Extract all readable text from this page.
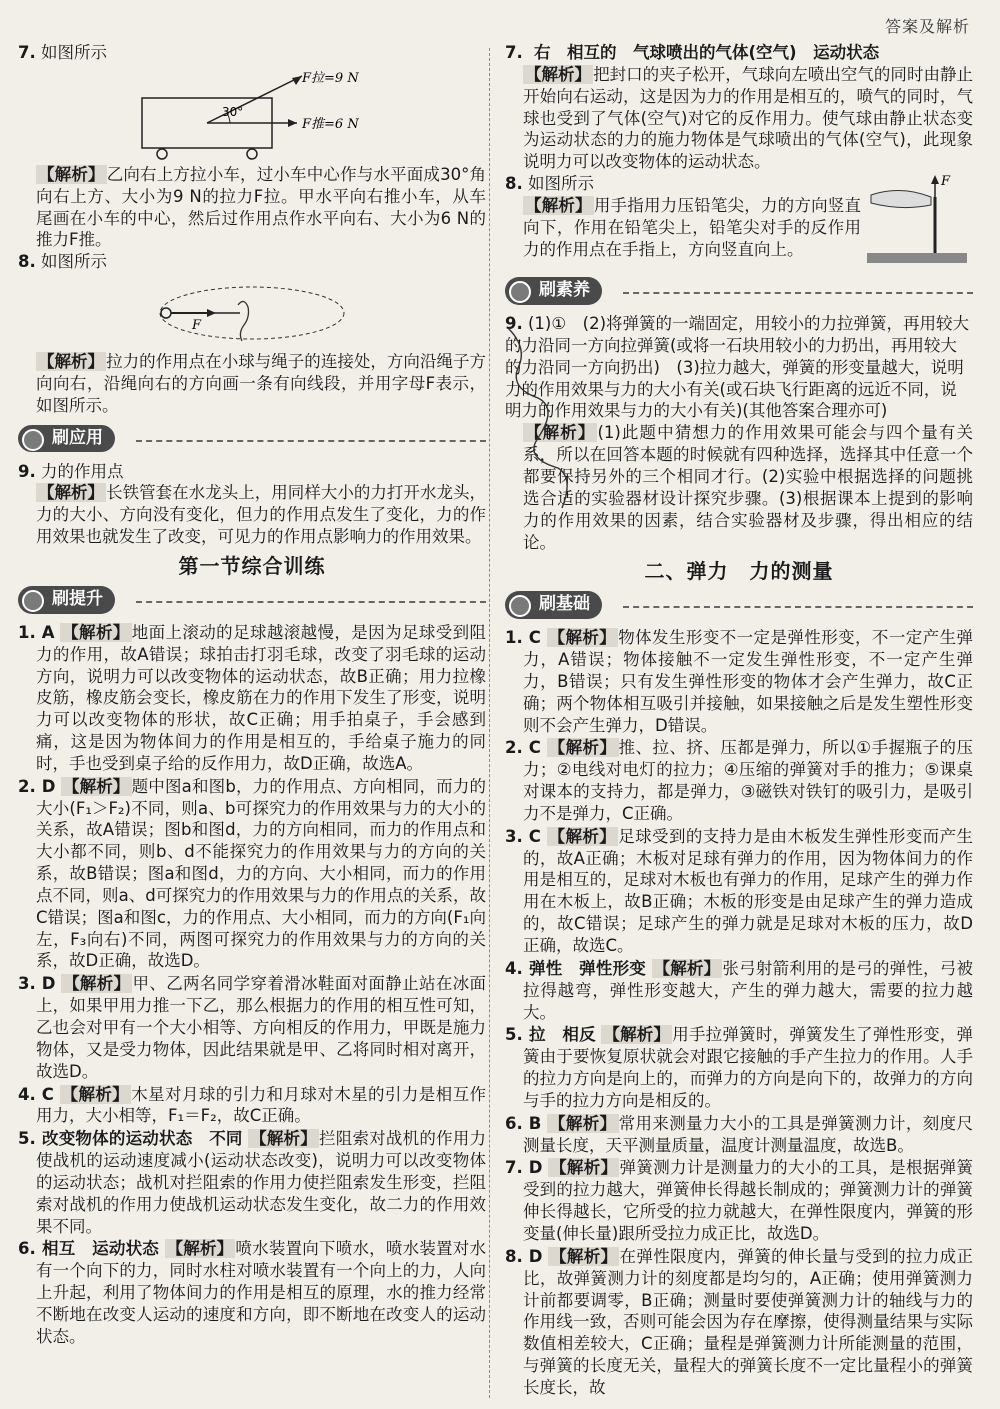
答案及解析
7. 如图所示
30°
F拉=9 N
F推=6 N
【解析】 乙向右上方拉小车，过小车中心作与水平面成30°角向右上方、大小为9 N的拉力F拉。甲水平向右推小车，从车尾画在小车的中心，然后过作用点作水平向右、大小为6 N的推力F推。
8. 如图所示
F
【解析】 拉力的作用点在小球与绳子的连接处，方向沿绳子方向向右，沿绳向右的方向画一条有向线段，并用字母F表示，如图所示。
刷应用
9. 力的作用点
【解析】 长铁管套在水龙头上，用同样大小的力打开水龙头，力的大小、方向没有变化，但力的作用点发生了变化，力的作用效果也就发生了改变，可见力的作用点影响力的作用效果。
第一节综合训练
刷提升
1. A 【解析】 地面上滚动的足球越滚越慢，是因为足球受到阻力的作用，故A错误；球拍击打羽毛球，改变了羽毛球的运动方向，说明力可以改变物体的运动状态，故B正确；用力拉橡皮筋，橡皮筋会变长，橡皮筋在力的作用下发生了形变，说明力可以改变物体的形状，故C正确；用手拍桌子，手会感到痛，这是因为物体间力的作用是相互的，手给桌子施力的同时，手也受到桌子给的反作用力，故D正确，故选A。
2. D 【解析】 题中图a和图b，力的作用点、方向相同，而力的大小(F₁＞F₂)不同，则a、b可探究力的作用效果与力的大小的关系，故A错误；图b和图d，力的方向相同，而力的作用点和大小都不同，则b、d不能探究力的作用效果与力的方向的关系，故B错误；图a和图d，力的方向、大小相同，而力的作用点不同，则a、d可探究力的作用效果与力的作用点的关系，故C错误；图a和图c，力的作用点、大小相同，而力的方向(F₁向左，F₃向右)不同，两图可探究力的作用效果与力的方向的关系，故D正确，故选D。
3. D 【解析】 甲、乙两名同学穿着滑冰鞋面对面静止站在冰面上，如果甲用力推一下乙，那么根据力的作用的相互性可知，乙也会对甲有一个大小相等、方向相反的作用力，甲既是施力物体，又是受力物体，因此结果就是甲、乙将同时相对离开，故选D。
4. C 【解析】 木星对月球的引力和月球对木星的引力是相互作用力，大小相等，F₁＝F₂，故C正确。
5. 改变物体的运动状态　不同 【解析】 拦阻索对战机的作用力使战机的运动速度减小(运动状态改变)，说明力可以改变物体的运动状态；战机对拦阻索的作用力使拦阻索发生形变，拦阻索对战机的作用力使战机运动状态发生变化，故二力的作用效果不同。
6. 相互　运动状态 【解析】 喷水装置向下喷水，喷水装置对水有一个向下的力，同时水柱对喷水装置有一个向上的力，人向上升起，利用了物体间力的作用是相互的原理，水的推力经常不断地在改变人运动的速度和方向，即不断地在改变人的运动状态。
7. 右　相互的　气球喷出的气体(空气)　运动状态
【解析】 把封口的夹子松开，气球向左喷出空气的同时由静止开始向右运动，这是因为力的作用是相互的，喷气的同时，气球也受到了气体(空气)对它的反作用力。使气球由静止状态变为运动状态的力的施力物体是气球喷出的气体(空气)，此现象说明力可以改变物体的运动状态。
8. 如图所示
【解析】 用手指用力压铅笔尖，力的方向竖直向下，作用在铅笔尖上，铅笔尖对手的反作用力的作用点在手指上，方向竖直向上。
F
刷素养
9. (1)①　(2)将弹簧的一端固定，用较小的力拉弹簧，再用较大的力沿同一方向拉弹簧(或将一石块用较小的力扔出，再用较大的力沿同一方向扔出)　(3)拉力越大，弹簧的形变量越大，说明力的作用效果与力的大小有关(或石块飞行距离的远近不同，说明力的作用效果与力的大小有关)(其他答案合理亦可)
【解析】 (1)此题中猜想力的作用效果可能会与四个量有关系，所以在回答本题的时候就有四种选择，选择其中任意一个都要保持另外的三个相同才行。(2)实验中根据选择的问题挑选合适的实验器材设计探究步骤。(3)根据课本上提到的影响力的作用效果的因素，结合实验器材及步骤，得出相应的结论。
二、弹力　力的测量
刷基础
1. C 【解析】 物体发生形变不一定是弹性形变，不一定产生弹力，A错误；物体接触不一定发生弹性形变，不一定产生弹力，B错误；只有发生弹性形变的物体才会产生弹力，故C正确；两个物体相互吸引并接触，如果接触之后是发生塑性形变则不会产生弹力，D错误。
2. C 【解析】 推、拉、挤、压都是弹力，所以①手握瓶子的压力；②电线对电灯的拉力；④压缩的弹簧对手的推力；⑤课桌对课本的支持力，都是弹力，③磁铁对铁钉的吸引力，是吸引力不是弹力，C正确。
3. C 【解析】 足球受到的支持力是由木板发生弹性形变而产生的，故A正确；木板对足球有弹力的作用，因为物体间力的作用是相互的，足球对木板也有弹力的作用，足球产生的弹力作用在木板上，故B正确；木板的形变是由足球产生的弹力造成的，故C错误；足球产生的弹力就是足球对木板的压力，故D正确，故选C。
4. 弹性　弹性形变 【解析】 张弓射箭利用的是弓的弹性，弓被拉得越弯，弹性形变越大，产生的弹力越大，需要的拉力越大。
5. 拉　相反 【解析】 用手拉弹簧时，弹簧发生了弹性形变，弹簧由于要恢复原状就会对跟它接触的手产生拉力的作用。人手的拉力方向是向上的，而弹力的方向是向下的，故弹力的方向与手的拉力方向是相反的。
6. B 【解析】 常用来测量力大小的工具是弹簧测力计，刻度尺测量长度，天平测量质量，温度计测量温度，故选B。
7. D 【解析】 弹簧测力计是测量力的大小的工具，是根据弹簧受到的拉力越大，弹簧伸长得越长制成的；弹簧测力计的弹簧伸长得越长，它所受的拉力就越大，在弹性限度内，弹簧的形变量(伸长量)跟所受拉力成正比，故选D。
8. D 【解析】 在弹性限度内，弹簧的伸长量与受到的拉力成正比，故弹簧测力计的刻度都是均匀的，A正确；使用弹簧测力计前都要调零，B正确；测量时要使弹簧测力计的轴线与力的作用线一致，否则可能会因为存在摩擦，使得测量结果与实际数值相差较大，C正确；量程是弹簧测力计所能测量的范围，与弹簧的长度无关，量程大的弹簧长度不一定比量程小的弹簧长度长，故
